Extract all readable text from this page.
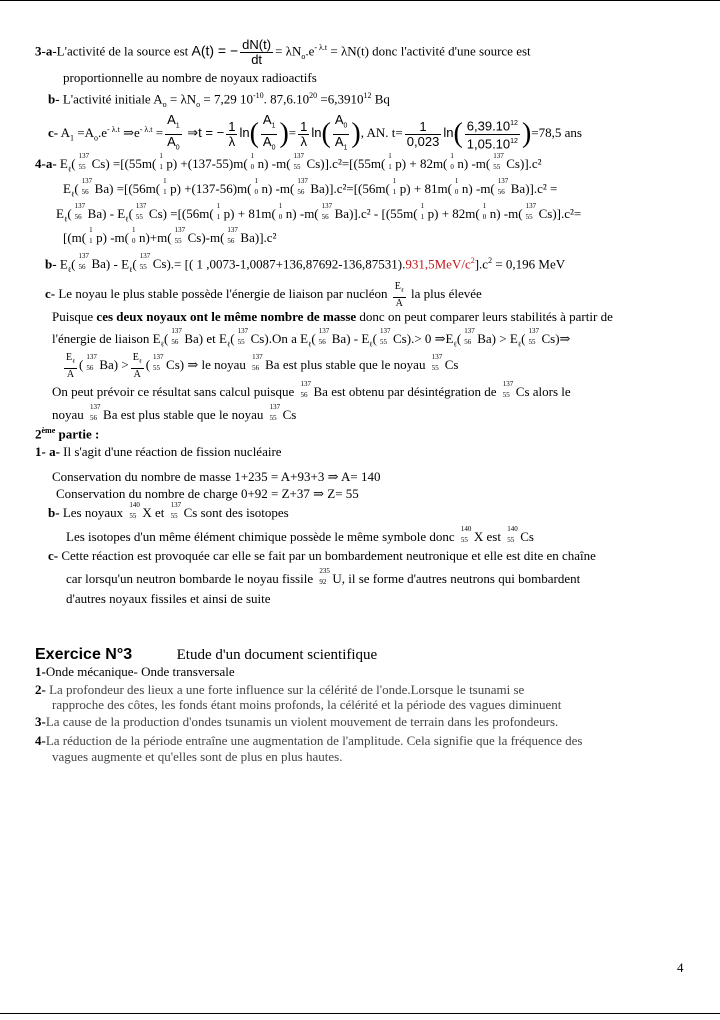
3-a-L'activité de la source est A(t) = − $\frac{dN(t)}{dt} = \lambda N_o.e^{- \lambda.t} = \lambda N(t)$ donc l'activité d'une source est
proportionnelle au nombre de noyaux radioactifs
b- L'activité initiale $A_o = \lambda N_o = 7,29$ $10^{-10}$. $87,6.10^{20} =6,3910^{12}$ Bq
c- $A_1 =A_o.e^{- \lambda.t}$ $\Rightarrow e^{- \lambda.t} = \frac{A_1}{A_0}$ ⇒t = − $\frac{1}{\lambda} \ln( \frac{A_1}{A_0}$ )= $\frac{1}{\lambda} \ln( \frac{A_0}{A_1}$ ), AN. $t= \frac{1}{0,023} \ln( \frac{6,39.10^{12}}{1,05.10^{12}} )=78,5$ ans
4-a- $E_\ell$( 137
55 Cs) =[(55m( 1
1 p) +(137-55)m( 1
0 n) -m( 137
55 Cs)].c²=[(55m( 1
1 p) + 82m( 1
0 n) -m( 137
55 Cs)].c²
$E_\ell$( 137
56 Ba) =[(56m( 1
1 p) +(137-56)m( 1
0 n) -m( 137
56 Ba)].c²=[(56m( 1
1 p) + 81m( 1
0 n) -m( 137
56 Ba)].c² =
$E_\ell$( 137
56 $Ba) - E_\ell$( 137
55 Cs) =[(56m( 1
1 p) + 81m( 1
0 n) -m( 137
56 Ba)].c² - [(55m( 1
1 p) + 82m( 1
0 n) -m( 137
55 Cs)].c²=
[(m( 1
1 p) -m( 1
0 n)+m( 137
55 Cs)-m( 137
56 Ba)].c²
b- $E_\ell$( 137
56 $Ba) - E_\ell$( 137
55 Cs).= [( 1 $,0073-1,0087+136,87692-136,87531).931,5MeV/c^2].c^2 = 0,196$ MeV
c- Le noyau le plus stable possède l'énergie de liaison par nucléon $\frac{E_\ell}{A}$ la plus élevée
Puisque ces deux noyaux ont le même nombre de masse donc on peut comparer leurs stabilités à partir de
l'énergie de liaison $E_\ell$( 137
56 Ba) et $E_\ell$( 137
55 Cs).On a $E_\ell$( 137
56 $Ba) - E_\ell$( 137
55 Cs).> 0 $\Rightarrow E_\ell$( 137
56 $Ba) > E_\ell$( 137
55 Cs)⇒
$\frac{E_\ell}{A}$ ( 137
56 $Ba) > \frac{E_\ell}{A}$ ( 137
55 Cs) ⇒ le noyau 137
56 Ba est plus stable que le noyau 137
55 Cs
On peut prévoir ce résultat sans calcul puisque 137
56 Ba est obtenu par désintégration de 137
55 Cs alors le
noyau 137
56 Ba est plus stable que le noyau 137
55 Cs
2ème partie :
1- a- Il s'agit d'une réaction de fission nucléaire
Conservation du nombre de masse 1+235 = A+93+3 ⇒ A= 140
Conservation du nombre de charge 0+92 = Z+37 ⇒ Z= 55
b- Les noyaux 140
55 X et 137
55 Cs sont des isotopes
Les isotopes d'un même élément chimique possède le même symbole donc 140
55 X est 140
55 Cs
c- Cette réaction est provoquée car elle se fait par un bombardement neutronique et elle est dite en chaîne
car lorsqu'un neutron bombarde le noyau fissile 235
92 U, il se forme d'autres neutrons qui bombardent
d'autres noyaux fissiles et ainsi de suite
Exercice N°3	Etude d'un document scientifique
1-Onde mécanique- Onde transversale
2- La profondeur des lieux a une forte influence sur la célérité de l'onde.Lorsque le tsunami se
rapproche des côtes, les fonds étant moins profonds, la célérité et la période des vagues diminuent
3-La cause de la production d'ondes tsunamis un violent mouvement de terrain dans les profondeurs.
4-La réduction de la période entraîne une augmentation de l'amplitude. Cela signifie que la fréquence des
vagues augmente et qu'elles sont de plus en plus hautes.
4
